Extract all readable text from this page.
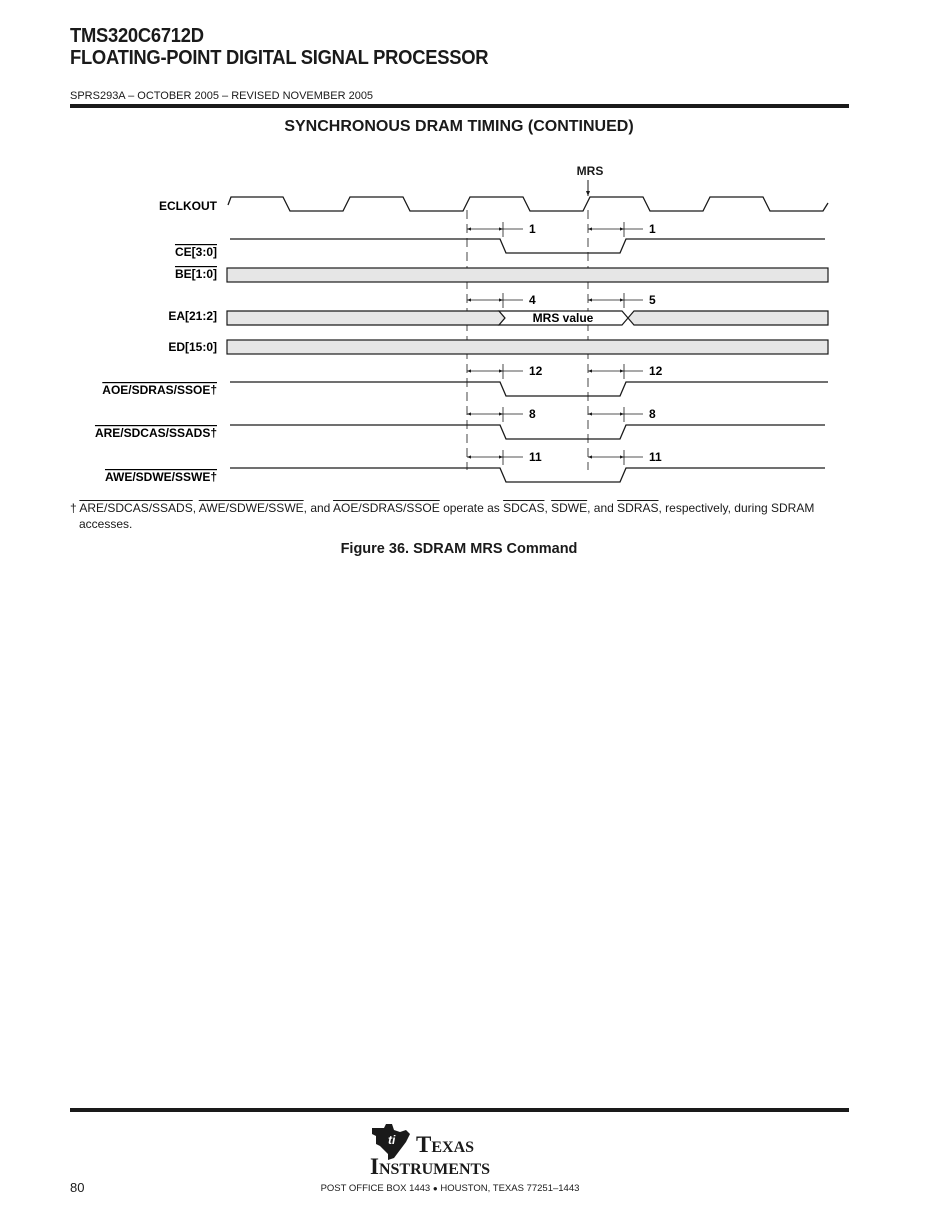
TMS320C6712D
FLOATING-POINT DIGITAL SIGNAL PROCESSOR
SPRS293A – OCTOBER 2005 – REVISED NOVEMBER 2005
SYNCHRONOUS DRAM TIMING (CONTINUED)
MRS
ECLKOUT
CE[3:0]
BE[1:0]
EA[21:2]
ED[15:0]
AOE/SDRAS/SSOE†
ARE/SDCAS/SSADS†
AWE/SDWE/SSWE†
MRS value
1	1
4	5
12	12
8	8
11	11
† ARE/SDCAS/SSADS, AWE/SDWE/SSWE, and AOE/SDRAS/SSOE operate as SDCAS, SDWE, and SDRAS, respectively, during SDRAM
accesses.
Figure 36. SDRAM MRS Command
ti Texas
Instruments
80	POST OFFICE BOX 1443 ● HOUSTON, TEXAS 77251–1443
